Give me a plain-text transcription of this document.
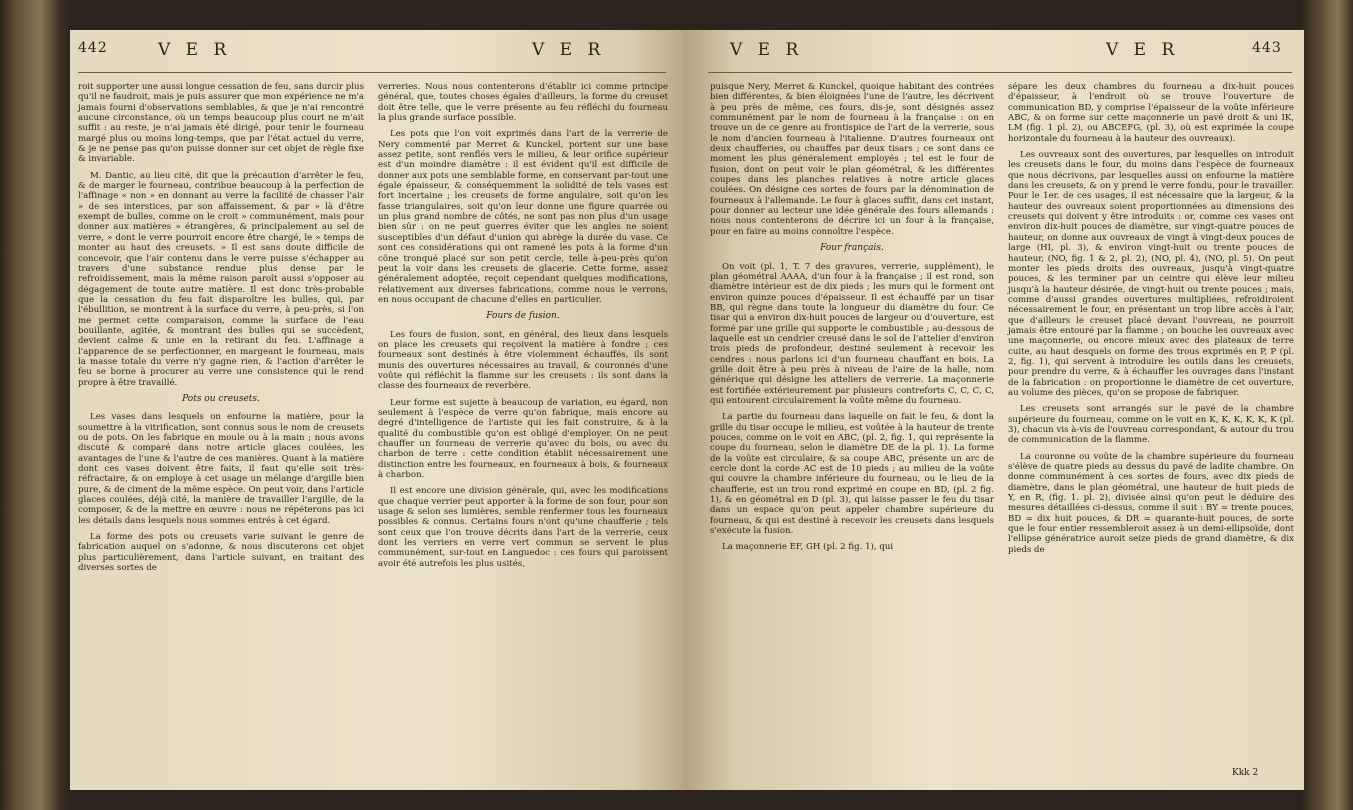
442	V E R	V E R

roit supporter une aussi longue cessation de feu, sans durcir plus qu'il ne faudroit, mais je puis assurer que mon expérience ne m'a jamais fourni d'observations semblables, & que je n'ai rencontré aucune circonstance, où un temps beaucoup plus court ne m'ait suffit : au reste, je n'ai jamais été dirigé, pour tenir le fourneau margé plus ou moins long-temps, que par l'état actuel du verre, & je ne pense pas qu'on puisse donner sur cet objet de règle fixe & invariable.

M. Dantic, au lieu cité, dit que la précaution d'arrêter le feu, & de marger le fourneau, contribue beaucoup à la perfection de l'affinage « non » en donnant au verre la facilité de chasser l'air » de ses interstices, par son affaissement, & par » là d'être exempt de bulles, comme on le croit » communément, mais pour donner aux matières » étrangères, & principalement au sel de verre, » dont le verre pourroit encore être chargé, le » temps de monter au haut des creusets. » Il est sans doute difficile de concevoir, que l'air contenu dans le verre puisse s'échapper au travers d'une substance rendue plus dense par le refroidissement, mais la même raison paroît aussi s'opposer au dégagement de toute autre matière. Il est donc très-probable que la cessation du feu fait disparoître les bulles, qui, par l'ébullition, se montrent à la surface du verre, à peu-près, si l'on me permet cette comparaison, comme la surface de l'eau bouillante, agitée, & montrant des bulles qui se succèdent, devient calme & unie en la retirant du feu. L'affinage a l'apparence de se perfectionner, en margeant le fourneau, mais la masse totale du verre n'y gagne rien, & l'action d'arrêter le feu se borne à procurer au verre une consistence qui le rend propre à être travaillé.

Pots ou creusets.

Les vases dans lesquels on enfourne la matière, pour la soumettre à la vitrification, sont connus sous le nom de creusets ou de pots. On les fabrique en moule ou à la main ; nous avons discuté & comparé dans notre article glaces coulées, les avantages de l'une & l'autre de ces manières. Quant à la matière dont ces vases doivent être faits, il faut qu'elle soit très-réfractaire, & on employe à cet usage un mélange d'argille bien pure, & de ciment de la même espèce. On peut voir, dans l'article glaces coulées, déjà cité, la manière de travailler l'argille, de la composer, & de la mettre en œuvre : nous ne répéterons pas ici les détails dans lesquels nous sommes entrés à cet égard.

La forme des pots ou creusets varie suivant le genre de fabrication auquel on s'adonne, & nous discuterons cet objet plus particulièrement, dans l'article suivant, en traitant des diverses sortes de

verreries. Nous nous contenterons d'établir ici comme principe général, que, toutes choses égales d'ailleurs, la forme du creuset doit être telle, que le verre présente au feu réfléchi du fourneau la plus grande surface possible.

Les pots que l'on voit exprimés dans l'art de la verrerie de Nery commenté par Merret & Kunckel, portent sur une base assez petite, sont renflés vers le milieu, & leur orifice supérieur est d'un moindre diamètre : il est évident qu'il est difficile de donner aux pots une semblable forme, en conservant par-tout une égale épaisseur, & conséquemment la solidité de tels vases est fort incertaine ; les creusets de forme angulaire, soit qu'on les fasse triangulaires, soit qu'on leur donne une figure quarrée ou un plus grand nombre de côtés, ne sont pas non plus d'un usage bien sûr : on ne peut guerres éviter que les angles ne soient susceptibles d'un défaut d'union qui abrège la durée du vase. Ce sont ces considérations qui ont ramené les pots à la forme d'un cône tronqué placé sur son petit cercle, telle à-peu-près qu'on peut la voir dans les creusets de glacerie. Cette forme, assez généralement adoptée, reçoit cependant quelques modifications, relativement aux diverses fabrications, comme nous le verrons, en nous occupant de chacune d'elles en particulier.

Fours de fusion.

Les fours de fusion, sont, en général, des lieux dans lesquels on place les creusets qui reçoivent la matière à fondre ; ces fourneaux sont destinés à être violemment échauffés, ils sont munis des ouvertures nécessaires au travail, & couronnés d'une voûte qui réfléchit la flamme sur les creusets : ils sont dans la classe des fourneaux de reverbère.

Leur forme est sujette à beaucoup de variation, eu égard, non seulement à l'espèce de verre qu'on fabrique, mais encore au degré d'intelligence de l'artiste qui les fait construire, & à la qualité du combustible qu'on est obligé d'employer. On ne peut chauffer un fourneau de verrerie qu'avec du bois, ou avec du charbon de terre : cette condition établit nécessairement une distinction entre les fourneaux, en fourneaux à bois, & fourneaux à charbon.

Il est encore une division générale, qui, avec les modifications que chaque verrier peut apporter à la forme de son four, pour son usage & selon ses lumières, semble renfermer tous les fourneaux possibles & connus. Certains fours n'ont qu'une chaufferie ; tels sont ceux que l'on trouve décrits dans l'art de la verrerie, ceux dont les verriers en verre vert commun se servent le plus communément, sur-tout en Languedoc : ces fours qui paroissent avoir été autrefois les plus usités,

V E R	V E R	443

puisque Nery, Merret & Kunckel, quoique habitant des contrées bien différentes, & bien éloignées l'une de l'autre, les décrivent à peu près de même, ces fours, dis-je, sont désignés assez communément par le nom de fourneau à la française : on en trouve un de ce genre au frontispice de l'art de la verrerie, sous le nom d'ancien fourneau à l'italienne. D'autres fourneaux ont deux chaufferies, ou chauffes par deux tisars ; ce sont dans ce moment les plus généralement employés ; tel est le four de fusion, dont on peut voir le plan géométral, & les différentes coupes dans les planches relatives à notre article glaces coulées. On désigne ces sortes de fours par la dénomination de fourneaux à l'allemande. Le four à glaces suffit, dans cet instant, pour donner au lecteur une idée générale des fours allemands : nous nous contenterons de décrire ici un four à la française, pour en faire au moins connoître l'espèce.

Four français.

On voit (pl. 1, T. 7 des gravures, verrerie, supplément), le plan géométral AAAA, d'un four à la française ; il est rond, son diamètre intérieur est de dix pieds ; les murs qui le forment ont environ quinze pouces d'épaisseur. Il est échauffé par un tisar BB, qui règne dans toute la longueur du diamètre du four. Ce tisar qui a environ dix-huit pouces de largeur ou d'ouverture, est formé par une grille qui supporte le combustible ; au-dessous de laquelle est un cendrier creusé dans le sol de l'attelier d'environ trois pieds de profondeur, destiné seulement à recevoir les cendres : nous parlons ici d'un fourneau chauffant en bois. La grille doit être à peu près à niveau de l'aire de la halle, nom générique qui désigne les atteliers de verrerie. La maçonnerie est fortifiée extérieurement par plusieurs contreforts C, C, C, C, qui entourent circulairement la voûte même du fourneau.

La partie du fourneau dans laquelle on fait le feu, & dont la grille du tisar occupe le milieu, est voûtée à la hauteur de trente pouces, comme on le voit en ABC, (pl. 2, fig. 1, qui représente la coupe du fourneau, selon le diamètre DE de la pl. 1). La forme de la voûte est circulaire, & sa coupe ABC, présente un arc de cercle dont la corde AC est de 10 pieds ; au milieu de la voûte qui couvre la chambre inférieure du fourneau, ou le lieu de la chaufferie, est un trou rond exprimé en coupe en BD, (pl. 2 fig. 1), & en géométral en D (pl. 3), qui laisse passer le feu du tisar dans un espace qu'on peut appeler chambre supérieure du fourneau, & qui est destiné à recevoir les creusets dans lesquels s'exécute la fusion.

La maçonnerie EF, GH (pl. 2 fig. 1), qui

sépare les deux chambres du fourneau a dix-huit pouces d'épaisseur, à l'endroit où se trouve l'ouverture de communication BD, y comprise l'épaisseur de la voûte inférieure ABC, & on forme sur cette maçonnerie un pavé droit & uni IK, LM (fig. 1 pl. 2), ou ABCEFG, (pl. 3), où est exprimée la coupe horizontale du fourneau à la hauteur des ouvreaux).

Les ouvreaux sont des ouvertures, par lesquelles on introduit les creusets dans le four, du moins dans l'espèce de fourneaux que nous décrivons, par lesquelles aussi on enfourne la matière dans les creusets, & on y prend le verre fondu, pour le travailler. Pour le 1er. de ces usages, il est nécessaire que la largeur, & la hauteur des ouvreaux soient proportionnées au dimensions des creusets qui doivent y être introduits : or, comme ces vases ont environ dix-huit pouces de diamètre, sur vingt-quatre pouces de hauteur, on donne aux ouvreaux de vingt à vingt-deux pouces de large (HI, pl. 3), & environ vingt-huit ou trente pouces de hauteur, (NO, fig. 1 & 2, pl. 2), (NO, pl. 4), (NO, pl. 5). On peut monter les pieds droits des ouvreaux, jusqu'à vingt-quatre pouces, & les terminer par un ceintre qui élève leur milieu jusqu'à la hauteur désirée, de vingt-huit ou trente pouces ; mais, comme d'aussi grandes ouvertures multipliées, refroidiroient nécessairement le four, en présentant un trop libre accès à l'air, que d'ailleurs le creuset placé devant l'ouvreau, ne pourroit jamais être entouré par la flamme ; on bouche les ouvreaux avec une maçonnerie, ou encore mieux avec des plateaux de terre cuite, au haut desquels on forme des trous exprimés en P, P (pl. 2, fig. 1), qui servent à introduire les outils dans les creusets, pour prendre du verre, & à échauffer les ouvrages dans l'instant de la fabrication : on proportionne le diamètre de cet ouverture, au volume des pièces, qu'on se propose de fabriquer.

Les creusets sont arrangés sur le pavé de la chambre supérieure du fourneau, comme on le voit en K, K, K, K, K, K (pl. 3), chacun vis à-vis de l'ouvreau correspondant, & autour du trou de communication de la flamme.

La couronne ou voûte de la chambre supérieure du fourneau s'élève de quatre pieds au dessus du pavé de ladite chambre. On donne communément à ces sortes de fours, avec dix pieds de diamètre, dans le plan géométral, une hauteur de huit pieds de Y, en R, (fig. 1. pl. 2), divisée ainsi qu'on peut le déduire des mesures détaillées ci-dessus, comme il suit : BY = trente pouces, BD = dix huit pouces, & DR = quarante-huit pouces, de sorte que le four entier ressembleroit assez à un demi-ellipsoïde, dont l'ellipse génératrice auroit seize pieds de grand diamètre, & dix pieds de

Kkk 2
